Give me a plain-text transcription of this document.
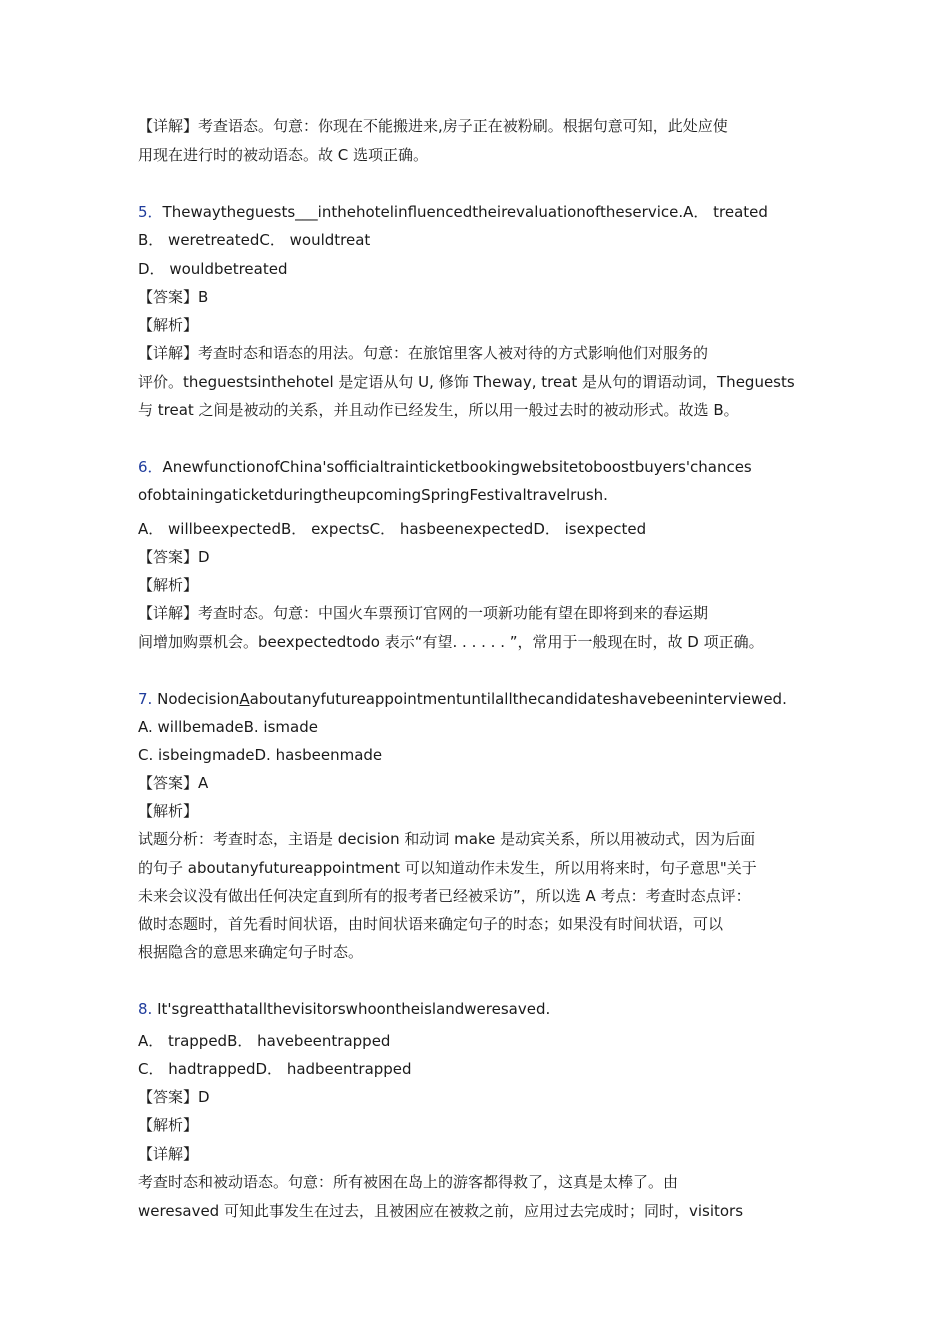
【详解】考查语态。句意：你现在不能搬进来,房子正在被粉刷。根据句意可知，此处应使
用现在进行时的被动语态。故 C 选项正确。
5．Thewaytheguests___inthehotelinfluencedtheirevaluationoftheservice.A． treated
B． weretreatedC． wouldtreat
D． wouldbetreated
【答案】B
【解析】
【详解】考查时态和语态的用法。句意：在旅馆里客人被对待的方式影响他们对服务的
评价。theguestsinthehotel 是定语从句 U, 修饰 Theway, treat 是从句的谓语动词，Theguests
与 treat 之间是被动的关系，并且动作已经发生，所以用一般过去时的被动形式。故选 B。
6．AnewfunctionofChina'sofficialtrainticketbookingwebsitetoboostbuyers'chances
ofobtainingaticketduringtheupcomingSpringFestivaltravelrush.
A． willbeexpectedB． expectsC． hasbeenexpectedD． isexpected
【答案】D
【解析】
【详解】考查时态。句意：中国火车票预订官网的一项新功能有望在即将到来的春运期
间增加购票机会。beexpectedtodo 表示“有望. . . . . . ”，常用于一般现在时，故 D 项正确。
7. NodecisionAaboutanyfutureappointmentuntilallthecandidateshavebeeninterviewed.
A. willbemadeB. ismade
C. isbeingmadeD. hasbeenmade
【答案】A
【解析】
试题分析：考查时态，主语是 decision 和动词 make 是动宾关系，所以用被动式，因为后面
的句子 aboutanyfutureappointment 可以知道动作未发生，所以用将来时，句子意思"关于
未来会议没有做出任何决定直到所有的报考者已经被采访”，所以选 A 考点：考查时态点评：
做时态题时，首先看时间状语，由时间状语来确定句子的时态；如果没有时间状语，可以
根据隐含的意思来确定句子时态。
8. It'sgreatthatallthevisitorswhoontheislandweresaved.
A． trappedB． havebeentrapped
C． hadtrappedD． hadbeentrapped
【答案】D
【解析】
【详解】
考查时态和被动语态。句意：所有被困在岛上的游客都得救了，这真是太棒了。由
weresaved 可知此事发生在过去，且被困应在被救之前，应用过去完成时；同时，visitors
